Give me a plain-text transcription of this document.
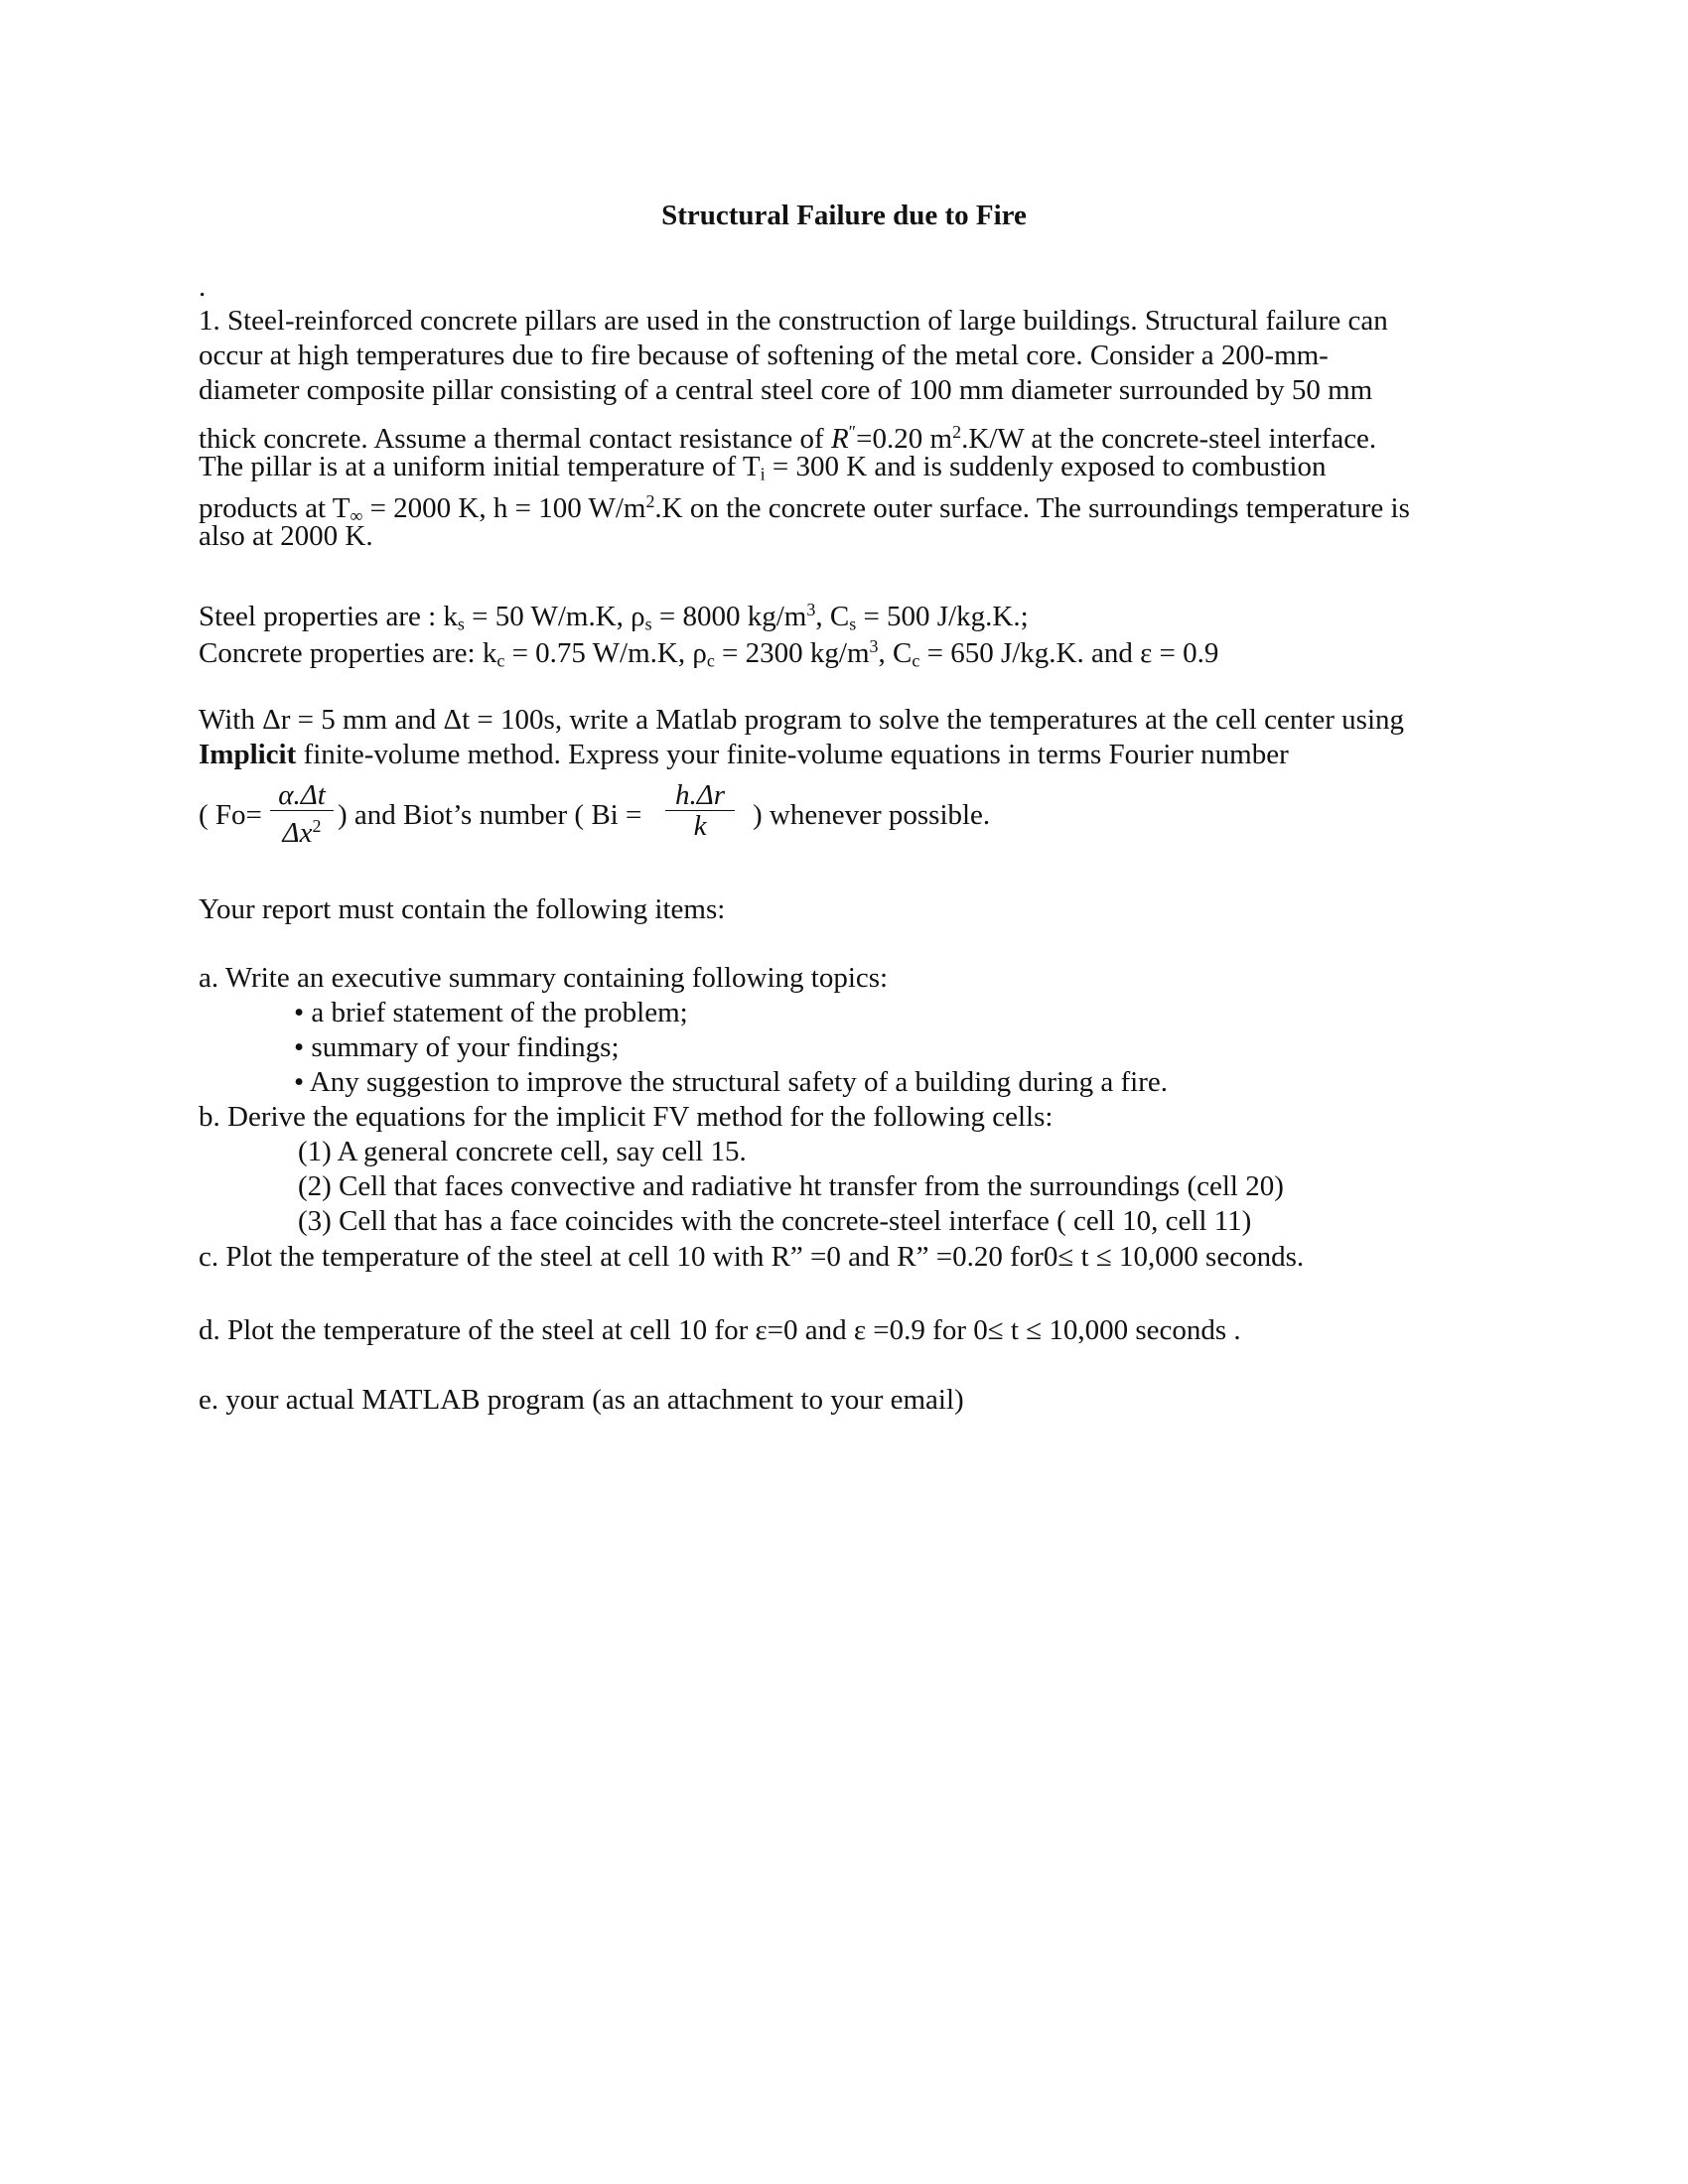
Structural Failure due to Fire
.
1. Steel-reinforced concrete pillars are used in the construction of large buildings. Structural failure can
occur at high temperatures due to fire because of softening of the metal core. Consider a 200-mm-
diameter composite pillar consisting of a central steel core of 100 mm diameter surrounded by 50 mm
thick concrete. Assume a thermal contact resistance of R″=0.20 $m^2.K/W$ at the concrete-steel interface.
The pillar is at a uniform initial temperature of $T_i = 300$ K and is suddenly exposed to combustion
products at $T_\infty = 2000$ K, h = 100 $W/m^2.K$ on the concrete outer surface. The surroundings temperature is
also at 2000 K.
Steel properties are : $k_s = 50$ W/m.K, $\rho_s = 8000$ $kg/m^3$, $C_s = 500$ J/kg.K.;
Concrete properties are: $k_c = 0.75$ W/m.K, $\rho_c = 2300$ $kg/m^3$, $C_c = 650$ J/kg.K. and ε = 0.9
With Δr = 5 mm and Δt = 100s, write a Matlab program to solve the temperatures at the cell center using
Implicit finite-volume method. Express your finite-volume equations in terms Fourier number
( Fo=
α.Δt
$\Delta x^2$ ) and Biot’s number ( Bi =
h.Δr
k	) whenever possible.
Your report must contain the following items:
a. Write an executive summary containing following topics:
• a brief statement of the problem;
• summary of your findings;
• Any suggestion to improve the structural safety of a building during a fire.
b. Derive the equations for the implicit FV method for the following cells:
(1) A general concrete cell, say cell 15.
(2) Cell that faces convective and radiative ht transfer from the surroundings (cell 20)
(3) Cell that has a face coincides with the concrete-steel interface ( cell 10, cell 11)
c. Plot the temperature of the steel at cell 10 with R” =0 and R” =0.20 for0≤ t ≤ 10,000 seconds.
d. Plot the temperature of the steel at cell 10 for ε=0 and ε =0.9 for 0≤ t ≤ 10,000 seconds .
e. your actual MATLAB program (as an attachment to your email)
